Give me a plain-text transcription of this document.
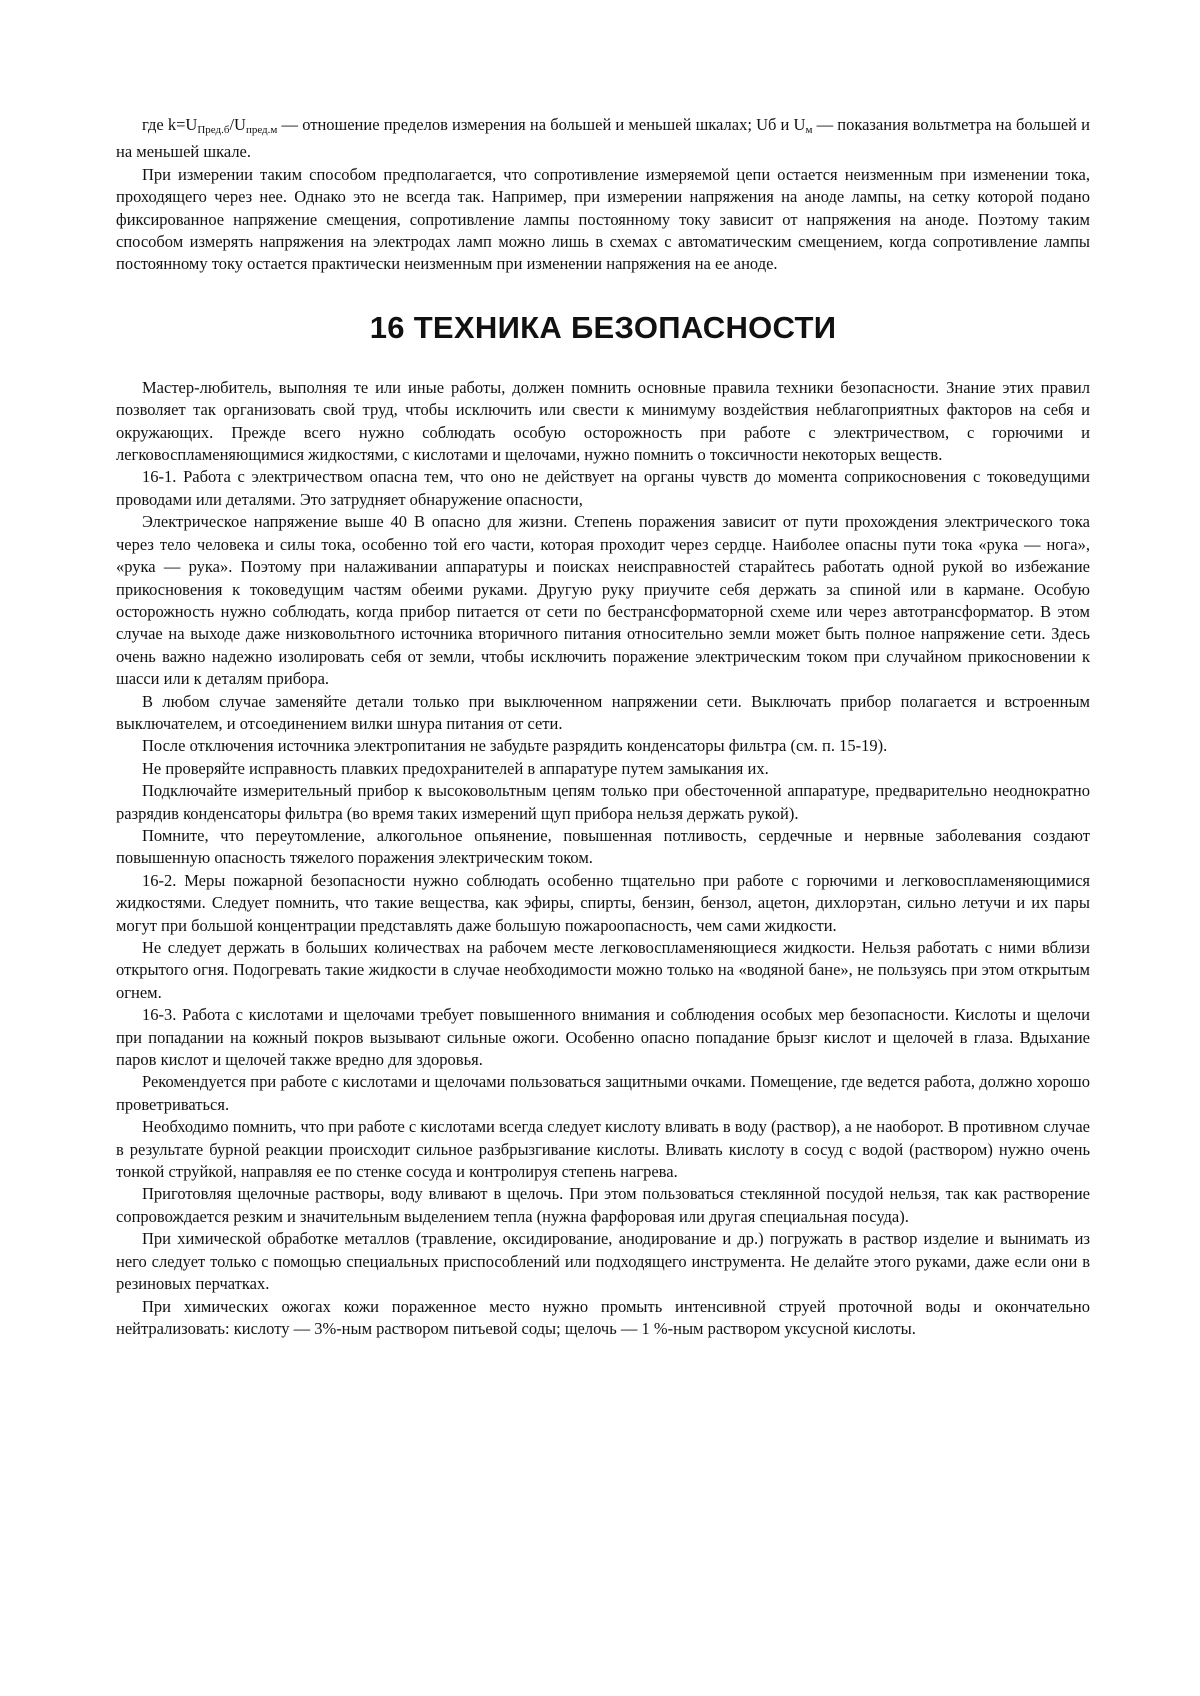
где $k=U_{Пред.б}/U_{пред.м}$ — отношение пределов измерения на большей и меньшей шкалах; Uб и $U_м$ — показания вольтметра на большей и на меньшей шкале.

При измерении таким способом предполагается, что сопротивление измеряемой цепи остается неизменным при изменении тока, проходящего через нее. Однако это не всегда так. Например, при измерении напряжения на аноде лампы, на сетку которой подано фиксированное напряжение смещения, сопротивление лампы постоянному току зависит от напряжения на аноде. Поэтому таким способом измерять напряжения на электродах ламп можно лишь в схемах с автоматическим смещением, когда сопротивление лампы постоянному току остается практически неизменным при изменении напряжения на ее аноде.

16 ТЕХНИКА БЕЗОПАСНОСТИ

Мастер-любитель, выполняя те или иные работы, должен помнить основные правила техники безопасности. Знание этих правил позволяет так организовать свой труд, чтобы исключить или свести к минимуму воздействия неблагоприятных факторов на себя и окружающих. Прежде всего нужно соблюдать особую осторожность при работе с электричеством, с горючими и легковоспламеняющимися жидкостями, с кислотами и щелочами, нужно помнить о токсичности некоторых веществ.

16-1. Работа с электричеством опасна тем, что оно не действует на органы чувств до момента соприкосновения с токоведущими проводами или деталями. Это затрудняет обнаружение опасности,

Электрическое напряжение выше 40 В опасно для жизни. Степень поражения зависит от пути прохождения электрического тока через тело человека и силы тока, особенно той его части, которая проходит через сердце. Наиболее опасны пути тока «рука — нога», «рука — рука». Поэтому при налаживании аппаратуры и поисках неисправностей старайтесь работать одной рукой во избежание прикосновения к токоведущим частям обеими руками. Другую руку приучите себя держать за спиной или в кармане. Особую осторожность нужно соблюдать, когда прибор питается от сети по бестрансформаторной схеме или через автотрансформатор. В этом случае на выходе даже низковольтного источника вторичного питания относительно земли может быть полное напряжение сети. Здесь очень важно надежно изолировать себя от земли, чтобы исключить поражение электрическим током при случайном прикосновении к шасси или к деталям прибора.

В любом случае заменяйте детали только при выключенном напряжении сети. Выключать прибор полагается и встроенным выключателем, и отсоединением вилки шнура питания от сети.

После отключения источника электропитания не забудьте разрядить конденсаторы фильтра (см. п. 15-19).

Не проверяйте исправность плавких предохранителей в аппаратуре путем замыкания их.

Подключайте измерительный прибор к высоковольтным цепям только при обесточенной аппаратуре, предварительно неоднократно разрядив конденсаторы фильтра (во время таких измерений щуп прибора нельзя держать рукой).

Помните, что переутомление, алкогольное опьянение, повышенная потливость, сердечные и нервные заболевания создают повышенную опасность тяжелого поражения электрическим током.

16-2. Меры пожарной безопасности нужно соблюдать особенно тщательно при работе с горючими и легковоспламеняющимися жидкостями. Следует помнить, что такие вещества, как эфиры, спирты, бензин, бензол, ацетон, дихлорэтан, сильно летучи и их пары могут при большой концентрации представлять даже большую пожароопасность, чем сами жидкости.

Не следует держать в больших количествах на рабочем месте легковоспламеняющиеся жидкости. Нельзя работать с ними вблизи открытого огня. Подогревать такие жидкости в случае необходимости можно только на «водяной бане», не пользуясь при этом открытым огнем.

16-3. Работа с кислотами и щелочами требует повышенного внимания и соблюдения особых мер безопасности. Кислоты и щелочи при попадании на кожный покров вызывают сильные ожоги. Особенно опасно попадание брызг кислот и щелочей в глаза. Вдыхание паров кислот и щелочей также вредно для здоровья.

Рекомендуется при работе с кислотами и щелочами пользоваться защитными очками. Помещение, где ведется работа, должно хорошо проветриваться.

Необходимо помнить, что при работе с кислотами всегда следует кислоту вливать в воду (раствор), а не наоборот. В противном случае в результате бурной реакции происходит сильное разбрызгивание кислоты. Вливать кислоту в сосуд с водой (раствором) нужно очень тонкой струйкой, направляя ее по стенке сосуда и контролируя степень нагрева.

Приготовляя щелочные растворы, воду вливают в щелочь. При этом пользоваться стеклянной посудой нельзя, так как растворение сопровождается резким и значительным выделением тепла (нужна фарфоровая или другая специальная посуда).

При химической обработке металлов (травление, оксидирование, анодирование и др.) погружать в раствор изделие и вынимать из него следует только с помощью специальных приспособлений или подходящего инструмента. Не делайте этого руками, даже если они в резиновых перчатках.

При химических ожогах кожи пораженное место нужно промыть интенсивной струей проточной воды и окончательно нейтрализовать: кислоту — 3%-ным раствором питьевой соды; щелочь — 1 %-ным раствором уксусной кислоты.
